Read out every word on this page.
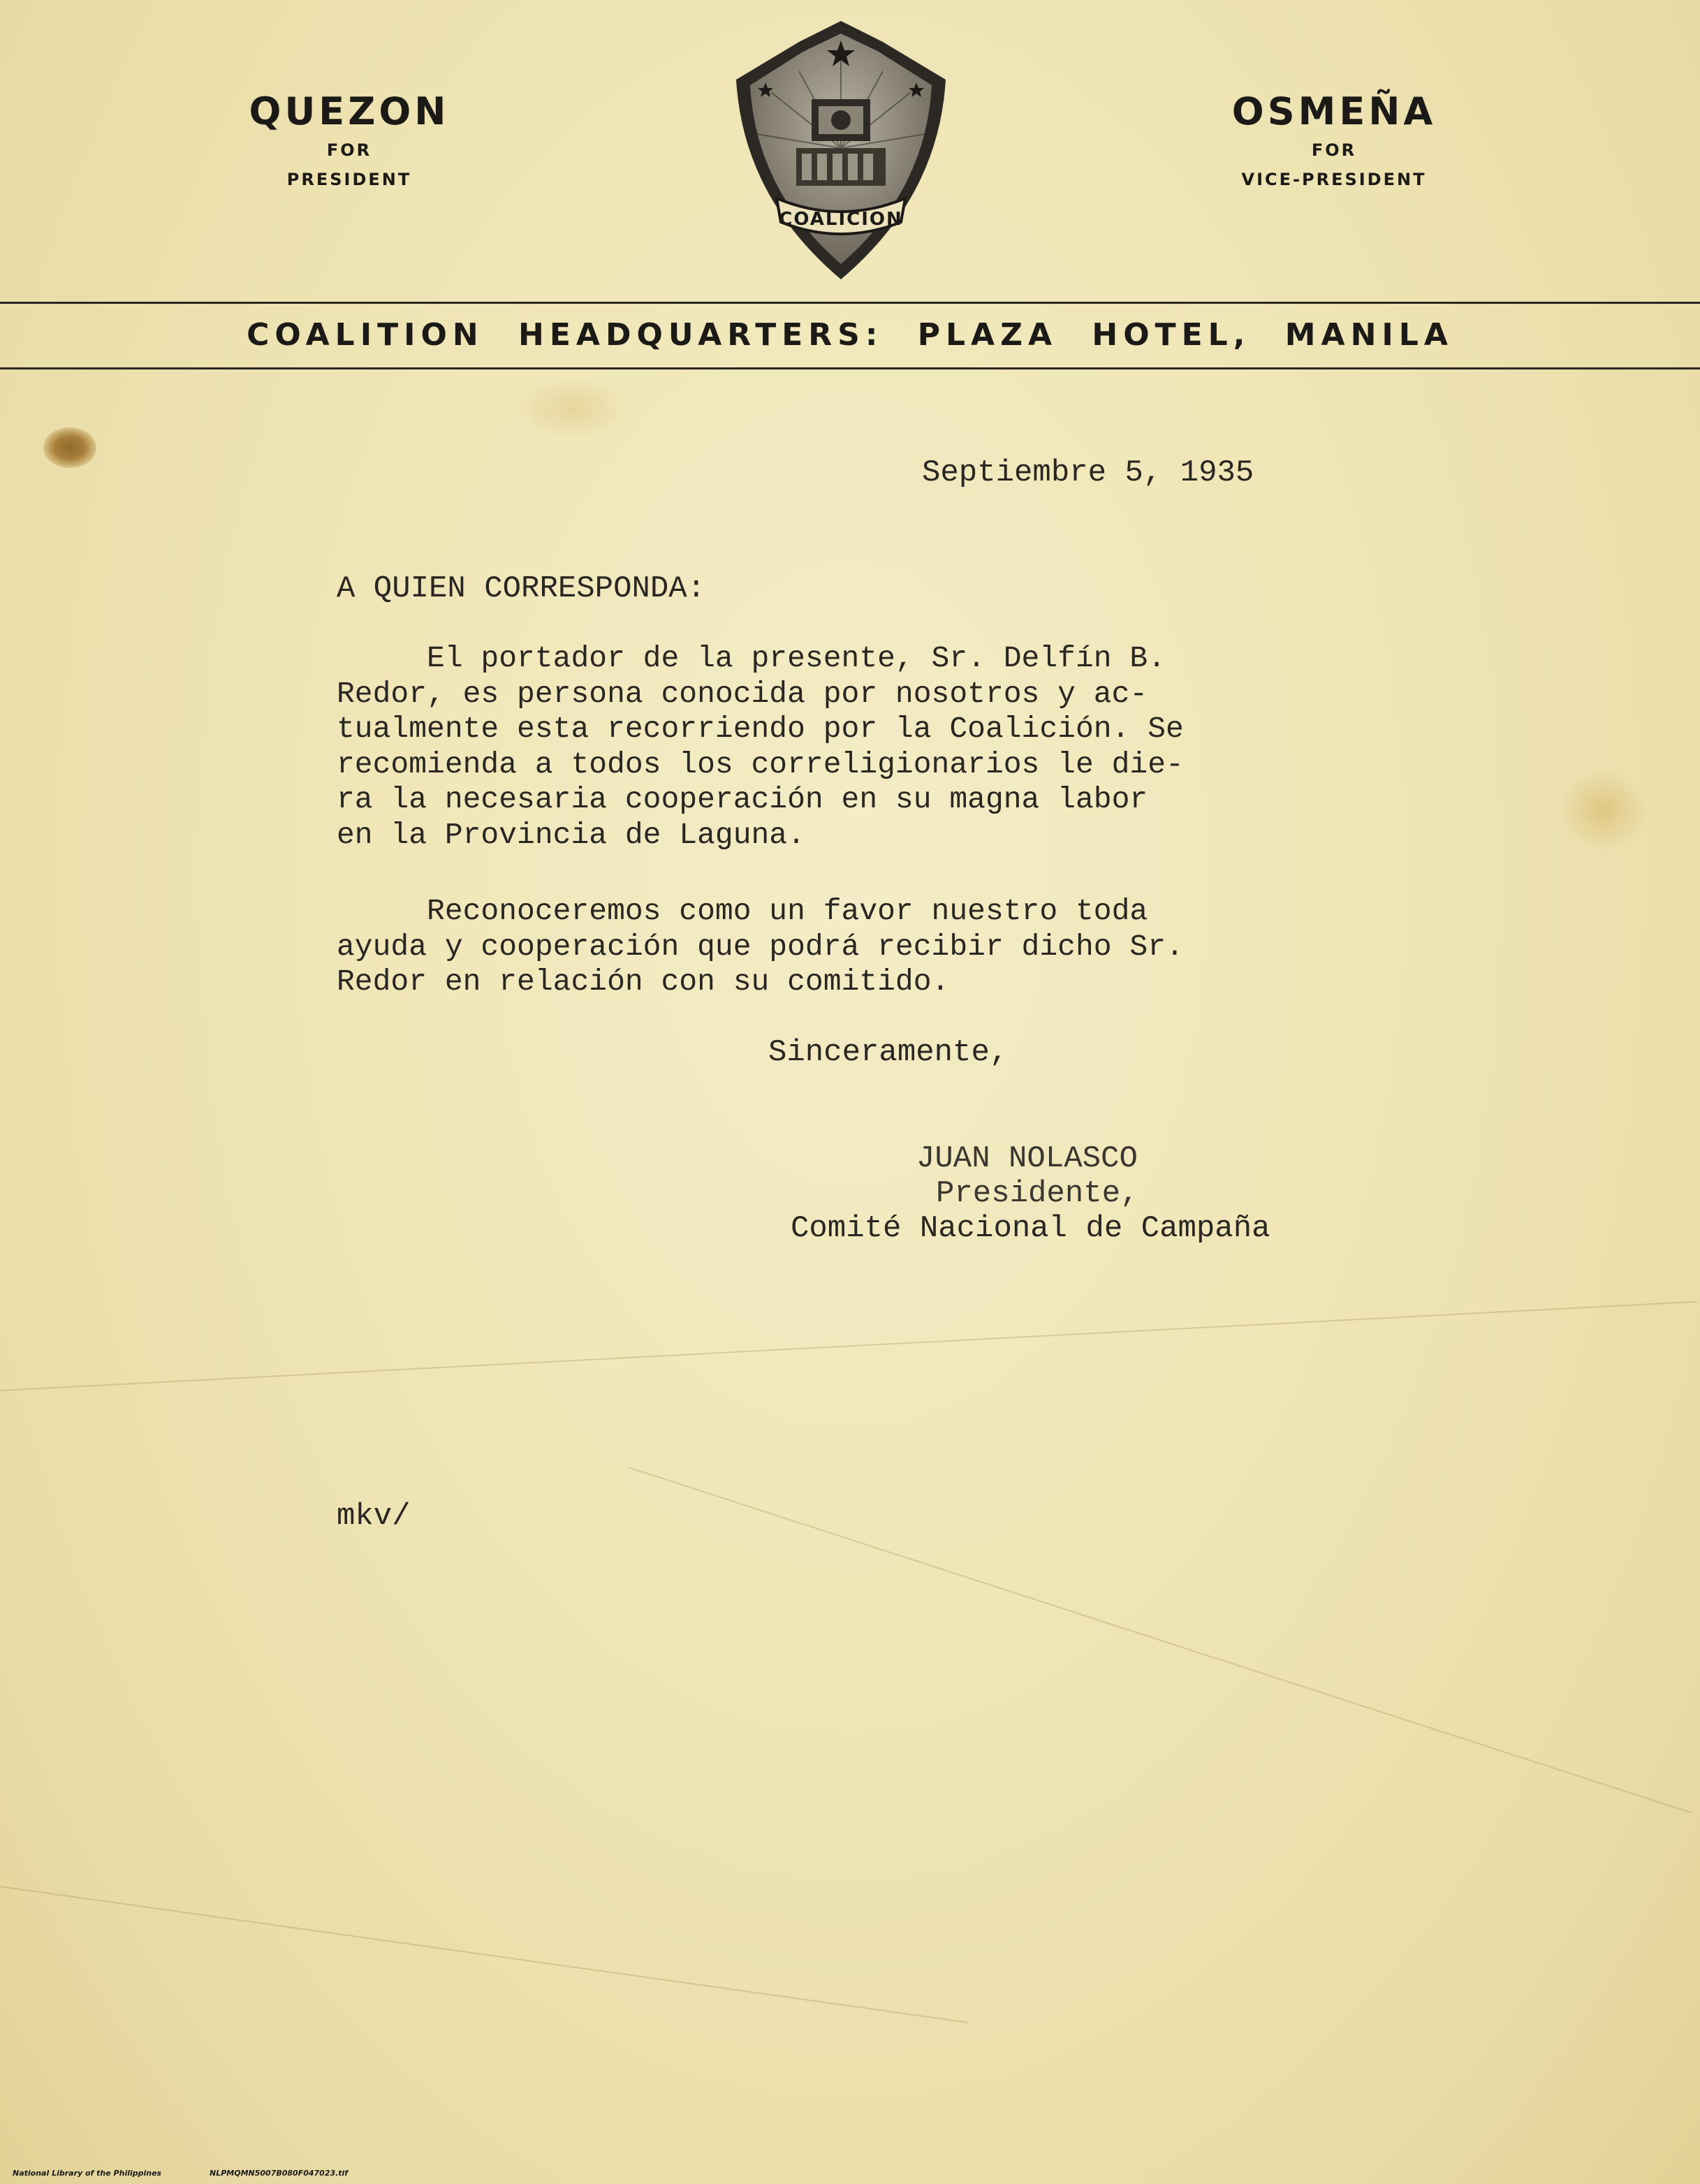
QUEZON
FOR
PRESIDENT
COALICION
OSMEÑA
FOR
VICE-PRESIDENT
COALITION HEADQUARTERS: PLAZA HOTEL, MANILA
Septiembre 5, 1935
A QUIEN CORRESPONDA:

El portador de la presente, Sr. Delfín B.

Redor, es persona conocida por nosotros y ac-

tualmente esta recorriendo por la Coalición. Se

recomienda a todos los correligionarios le die-

ra la necesaria cooperación en su magna labor

en la Provincia de Laguna.

Reconoceremos como un favor nuestro toda

ayuda y cooperación que podrá recibir dicho Sr.

Redor en relación con su comitido.

Sinceramente,
JUAN NOLASCO
Presidente,
Comité Nacional de Campaña
mkv/
National Library of the Philippines	NLPMQMN5007B080F047023.tif
